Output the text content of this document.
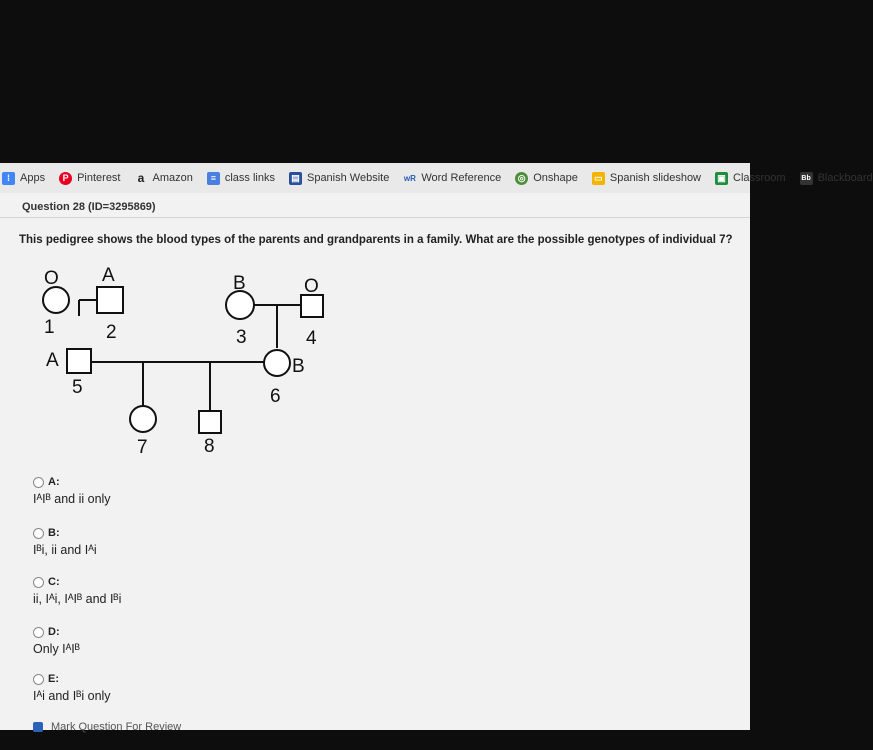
⁞ Apps	P Pinterest a Amazon	≡ class links ▤ Spanish Website wR Word Reference ◎ Onshape ▭ Spanish slideshow ▣ Classroom Bb Blackboard
Question 28 (ID=3295869)
This pedigree shows the blood types of the parents and grandparents in a family. What are the possible genotypes of individual 7?
O A	B	O
A	B
1	2	3	4
5	6
7	8
A:
IᴬIᴮ and ii only
B:
Iᴮi, ii and Iᴬi
C:
ii, Iᴬi, IᴬIᴮ and Iᴮi
D:
Only IᴬIᴮ
E:
Iᴬi and Iᴮi only
Mark Question For Review
